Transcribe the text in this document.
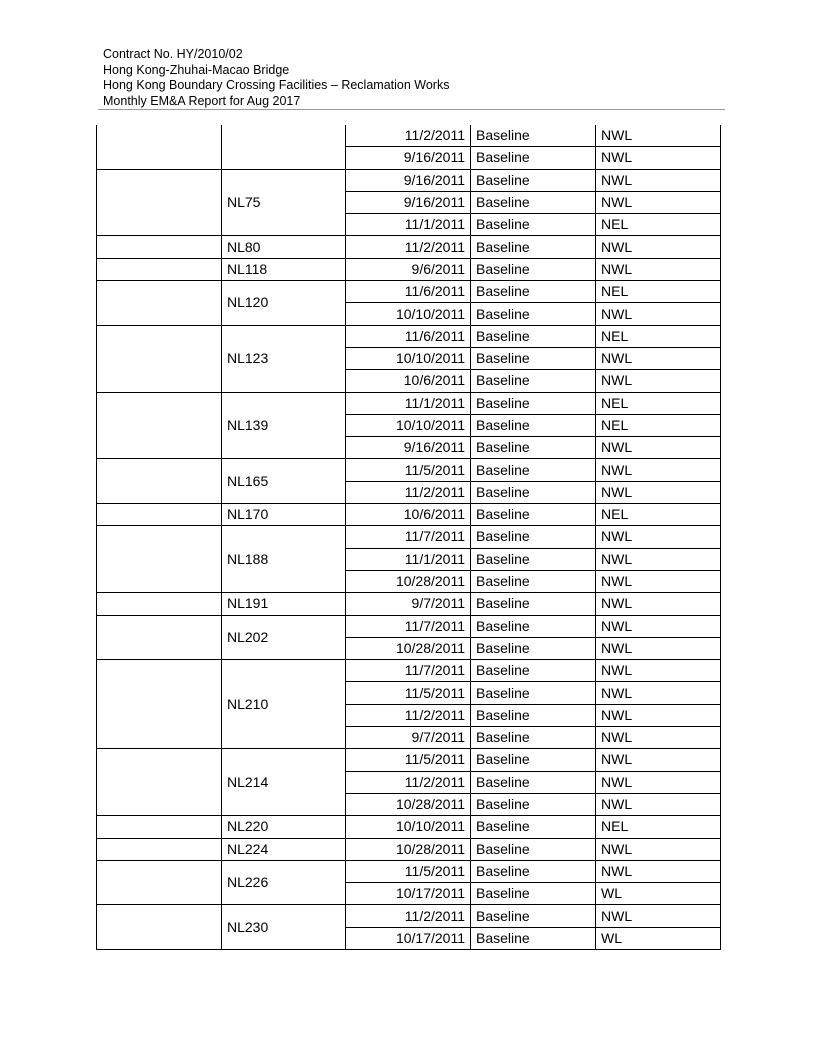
Contract No. HY/2010/02
Hong Kong-Zhuhai-Macao Bridge
Hong Kong Boundary Crossing Facilities – Reclamation Works
Monthly EM&A Report for Aug 2017
		11/2/2011	Baseline	NWL
		9/16/2011	Baseline	NWL
	NL75	9/16/2011	Baseline	NWL
		9/16/2011	Baseline	NWL
		11/1/2011	Baseline	NEL
	NL80	11/2/2011	Baseline	NWL
	NL118	9/6/2011	Baseline	NWL
	NL120	11/6/2011	Baseline	NEL
		10/10/2011	Baseline	NWL
	NL123	11/6/2011	Baseline	NEL
		10/10/2011	Baseline	NWL
		10/6/2011	Baseline	NWL
	NL139	11/1/2011	Baseline	NEL
		10/10/2011	Baseline	NEL
		9/16/2011	Baseline	NWL
	NL165	11/5/2011	Baseline	NWL
		11/2/2011	Baseline	NWL
	NL170	10/6/2011	Baseline	NEL
	NL188	11/7/2011	Baseline	NWL
		11/1/2011	Baseline	NWL
		10/28/2011	Baseline	NWL
	NL191	9/7/2011	Baseline	NWL
	NL202	11/7/2011	Baseline	NWL
		10/28/2011	Baseline	NWL
	NL210	11/7/2011	Baseline	NWL
		11/5/2011	Baseline	NWL
		11/2/2011	Baseline	NWL
		9/7/2011	Baseline	NWL
	NL214	11/5/2011	Baseline	NWL
		11/2/2011	Baseline	NWL
		10/28/2011	Baseline	NWL
	NL220	10/10/2011	Baseline	NEL
	NL224	10/28/2011	Baseline	NWL
	NL226	11/5/2011	Baseline	NWL
		10/17/2011	Baseline	WL
	NL230	11/2/2011	Baseline	NWL
		10/17/2011	Baseline	WL
